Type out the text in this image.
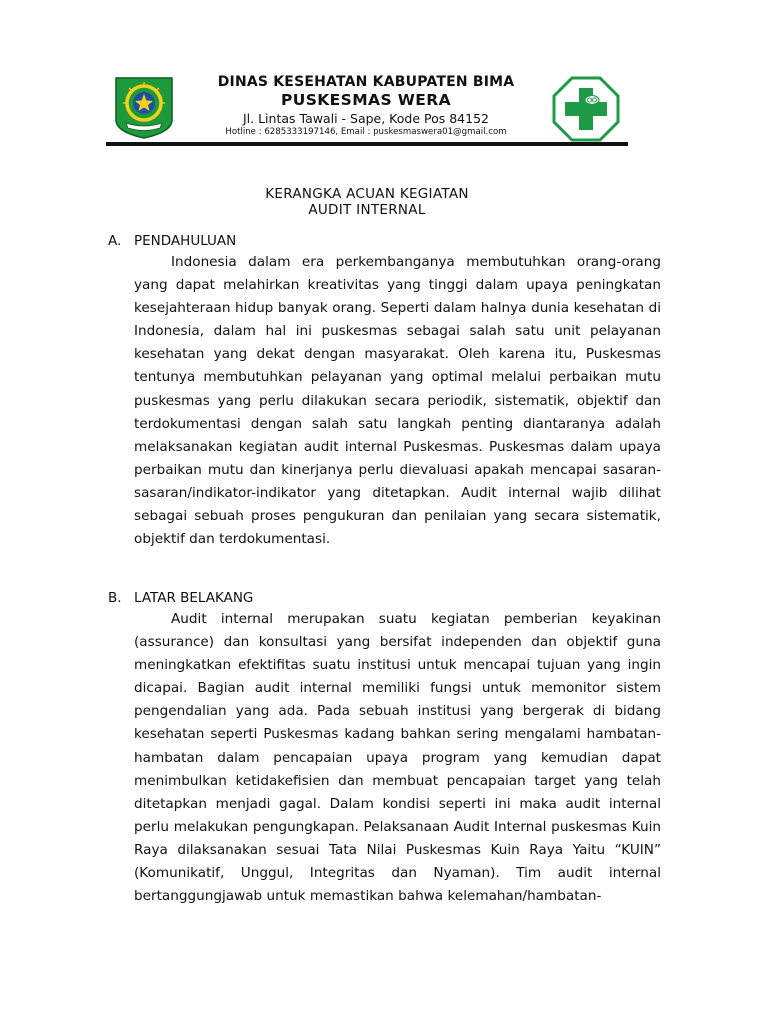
DINAS KESEHATAN KABUPATEN BIMA
PUSKESMAS WERA
Jl. Lintas Tawali - Sape, Kode Pos 84152
Hotline : 6285333197146, Email : puskesmaswera01@gmail.com
KERANGKA ACUAN KEGIATAN
AUDIT INTERNAL
A. PENDAHULUAN

Indonesia dalam era perkembanganya membutuhkan orang-orang yang dapat melahirkan kreativitas yang tinggi dalam upaya peningkatan kesejahteraan hidup banyak orang. Seperti dalam halnya dunia kesehatan di Indonesia, dalam hal ini puskesmas sebagai salah satu unit pelayanan kesehatan yang dekat dengan masyarakat. Oleh karena itu, Puskesmas tentunya membutuhkan pelayanan yang optimal melalui perbaikan mutu puskesmas yang perlu dilakukan secara periodik, sistematik, objektif dan terdokumentasi dengan salah satu langkah penting diantaranya adalah melaksanakan kegiatan audit internal Puskesmas. Puskesmas dalam upaya perbaikan mutu dan kinerjanya perlu dievaluasi apakah mencapai sasaran-sasaran/indikator-indikator yang ditetapkan. Audit internal wajib dilihat sebagai sebuah proses pengukuran dan penilaian yang secara sistematik, objektif dan terdokumentasi.

B. LATAR BELAKANG

Audit internal merupakan suatu kegiatan pemberian keyakinan (assurance) dan konsultasi yang bersifat independen dan objektif guna meningkatkan efektifitas suatu institusi untuk mencapai tujuan yang ingin dicapai. Bagian audit internal memiliki fungsi untuk memonitor sistem pengendalian yang ada. Pada sebuah institusi yang bergerak di bidang kesehatan seperti Puskesmas kadang bahkan sering mengalami hambatan-hambatan dalam pencapaian upaya program yang kemudian dapat menimbulkan ketidakefisien dan membuat pencapaian target yang telah ditetapkan menjadi gagal. Dalam kondisi seperti ini maka audit internal perlu melakukan pengungkapan. Pelaksanaan Audit Internal puskesmas Kuin Raya dilaksanakan sesuai Tata Nilai Puskesmas Kuin Raya Yaitu “KUIN” (Komunikatif, Unggul, Integritas dan Nyaman). Tim audit internal bertanggungjawab untuk memastikan bahwa kelemahan/hambatan-
